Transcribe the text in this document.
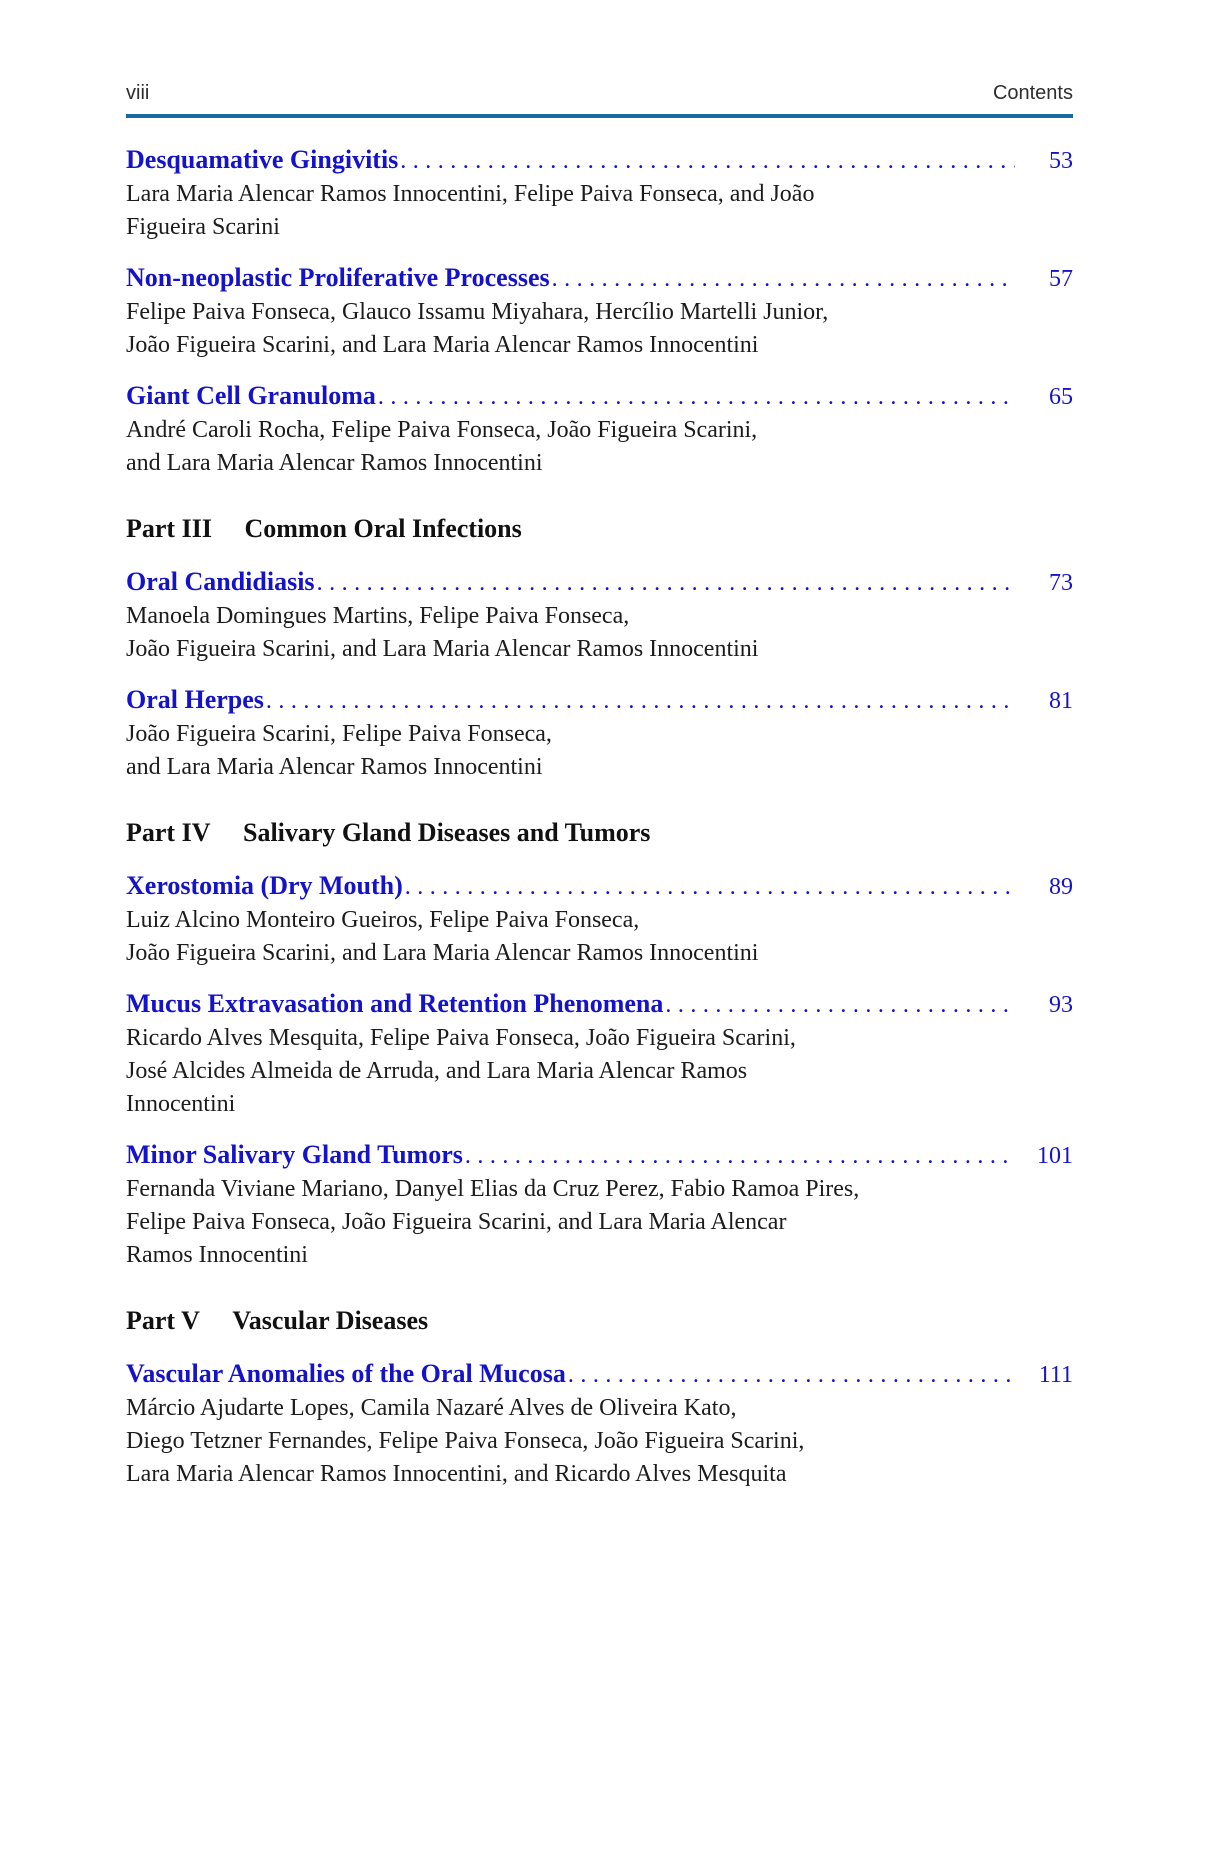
viii	Contents
Desquamative Gingivitis .....	53
Lara Maria Alencar Ramos Innocentini, Felipe Paiva Fonseca, and João
Figueira Scarini
Non-neoplastic Proliferative Processes .....	57
Felipe Paiva Fonseca, Glauco Issamu Miyahara, Hercílio Martelli Junior,
João Figueira Scarini, and Lara Maria Alencar Ramos Innocentini
Giant Cell Granuloma .....	65
André Caroli Rocha, Felipe Paiva Fonseca, João Figueira Scarini,
and Lara Maria Alencar Ramos Innocentini
Part III Common Oral Infections
Oral Candidiasis .....	73
Manoela Domingues Martins, Felipe Paiva Fonseca,
João Figueira Scarini, and Lara Maria Alencar Ramos Innocentini
Oral Herpes .....	81
João Figueira Scarini, Felipe Paiva Fonseca,
and Lara Maria Alencar Ramos Innocentini
Part IV Salivary Gland Diseases and Tumors
Xerostomia (Dry Mouth) .....	89
Luiz Alcino Monteiro Gueiros, Felipe Paiva Fonseca,
João Figueira Scarini, and Lara Maria Alencar Ramos Innocentini
Mucus Extravasation and Retention Phenomena .....	93
Ricardo Alves Mesquita, Felipe Paiva Fonseca, João Figueira Scarini,
José Alcides Almeida de Arruda, and Lara Maria Alencar Ramos
Innocentini
Minor Salivary Gland Tumors .....	101
Fernanda Viviane Mariano, Danyel Elias da Cruz Perez, Fabio Ramoa Pires,
Felipe Paiva Fonseca, João Figueira Scarini, and Lara Maria Alencar
Ramos Innocentini
Part V Vascular Diseases
Vascular Anomalies of the Oral Mucosa .....	111
Márcio Ajudarte Lopes, Camila Nazaré Alves de Oliveira Kato,
Diego Tetzner Fernandes, Felipe Paiva Fonseca, João Figueira Scarini,
Lara Maria Alencar Ramos Innocentini, and Ricardo Alves Mesquita
